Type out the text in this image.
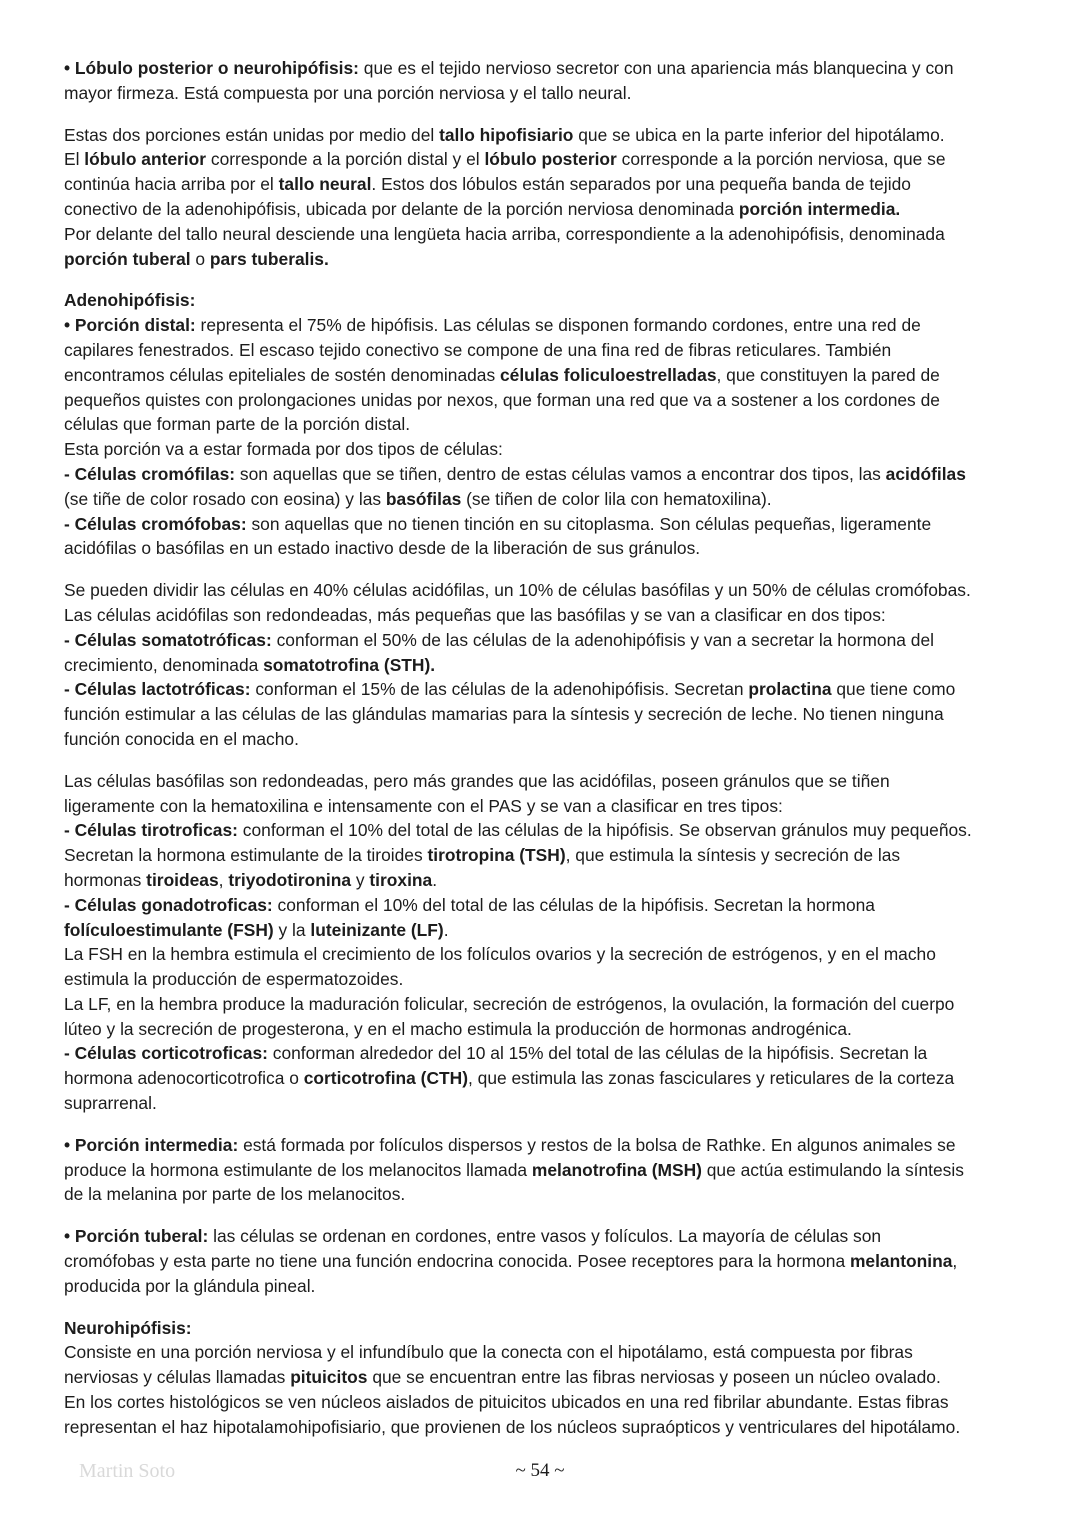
• Lóbulo posterior o neurohipófisis: que es el tejido nervioso secretor con una apariencia más blanquecina y con
mayor firmeza. Está compuesta por una porción nerviosa y el tallo neural.
Estas dos porciones están unidas por medio del tallo hipofisiario que se ubica en la parte inferior del hipotálamo.
El lóbulo anterior corresponde a la porción distal y el lóbulo posterior corresponde a la porción nerviosa, que se
continúa hacia arriba por el tallo neural. Estos dos lóbulos están separados por una pequeña banda de tejido
conectivo de la adenohipófisis, ubicada por delante de la porción nerviosa denominada porción intermedia.
Por delante del tallo neural desciende una lengüeta hacia arriba, correspondiente a la adenohipófisis, denominada
porción tuberal o pars tuberalis.
Adenohipófisis:
• Porción distal: representa el 75% de hipófisis. Las células se disponen formando cordones, entre una red de
capilares fenestrados. El escaso tejido conectivo se compone de una fina red de fibras reticulares. También
encontramos células epiteliales de sostén denominadas células foliculoestrelladas, que constituyen la pared de
pequeños quistes con prolongaciones unidas por nexos, que forman una red que va a sostener a los cordones de
células que forman parte de la porción distal.
Esta porción va a estar formada por dos tipos de células:
- Células cromófilas: son aquellas que se tiñen, dentro de estas células vamos a encontrar dos tipos, las acidófilas
(se tiñe de color rosado con eosina) y las basófilas (se tiñen de color lila con hematoxilina).
- Células cromófobas: son aquellas que no tienen tinción en su citoplasma. Son células pequeñas, ligeramente
acidófilas o basófilas en un estado inactivo desde de la liberación de sus gránulos.
Se pueden dividir las células en 40% células acidófilas, un 10% de células basófilas y un 50% de células cromófobas.
Las células acidófilas son redondeadas, más pequeñas que las basófilas y se van a clasificar en dos tipos:
- Células somatotróficas: conforman el 50% de las células de la adenohipófisis y van a secretar la hormona del
crecimiento, denominada somatotrofina (STH).
- Células lactotróficas: conforman el 15% de las células de la adenohipófisis. Secretan prolactina que tiene como
función estimular a las células de las glándulas mamarias para la síntesis y secreción de leche. No tienen ninguna
función conocida en el macho.
Las células basófilas son redondeadas, pero más grandes que las acidófilas, poseen gránulos que se tiñen
ligeramente con la hematoxilina e intensamente con el PAS y se van a clasificar en tres tipos:
- Células tirotroficas: conforman el 10% del total de las células de la hipófisis. Se observan gránulos muy pequeños.
Secretan la hormona estimulante de la tiroides tirotropina (TSH), que estimula la síntesis y secreción de las
hormonas tiroideas, triyodotironina y tiroxina.
- Células gonadotroficas: conforman el 10% del total de las células de la hipófisis. Secretan la hormona
folículoestimulante (FSH) y la luteinizante (LF).
La FSH en la hembra estimula el crecimiento de los folículos ovarios y la secreción de estrógenos, y en el macho
estimula la producción de espermatozoides.
La LF, en la hembra produce la maduración folicular, secreción de estrógenos, la ovulación, la formación del cuerpo
lúteo y la secreción de progesterona, y en el macho estimula la producción de hormonas androgénica.
- Células corticotroficas: conforman alrededor del 10 al 15% del total de las células de la hipófisis. Secretan la
hormona adenocorticotrofica o corticotrofina (CTH), que estimula las zonas fasciculares y reticulares de la corteza
suprarrenal.
• Porción intermedia: está formada por folículos dispersos y restos de la bolsa de Rathke. En algunos animales se
produce la hormona estimulante de los melanocitos llamada melanotrofina (MSH) que actúa estimulando la síntesis
de la melanina por parte de los melanocitos.
• Porción tuberal: las células se ordenan en cordones, entre vasos y folículos. La mayoría de células son
cromófobas y esta parte no tiene una función endocrina conocida. Posee receptores para la hormona melantonina,
producida por la glándula pineal.
Neurohipófisis:
Consiste en una porción nerviosa y el infundíbulo que la conecta con el hipotálamo, está compuesta por fibras
nerviosas y células llamadas pituicitos que se encuentran entre las fibras nerviosas y poseen un núcleo ovalado.
En los cortes histológicos se ven núcleos aislados de pituicitos ubicados en una red fibrilar abundante. Estas fibras
representan el haz hipotalamohipofisiario, que provienen de los núcleos supraópticos y ventriculares del hipotálamo.
Martin Soto	~ 54 ~
